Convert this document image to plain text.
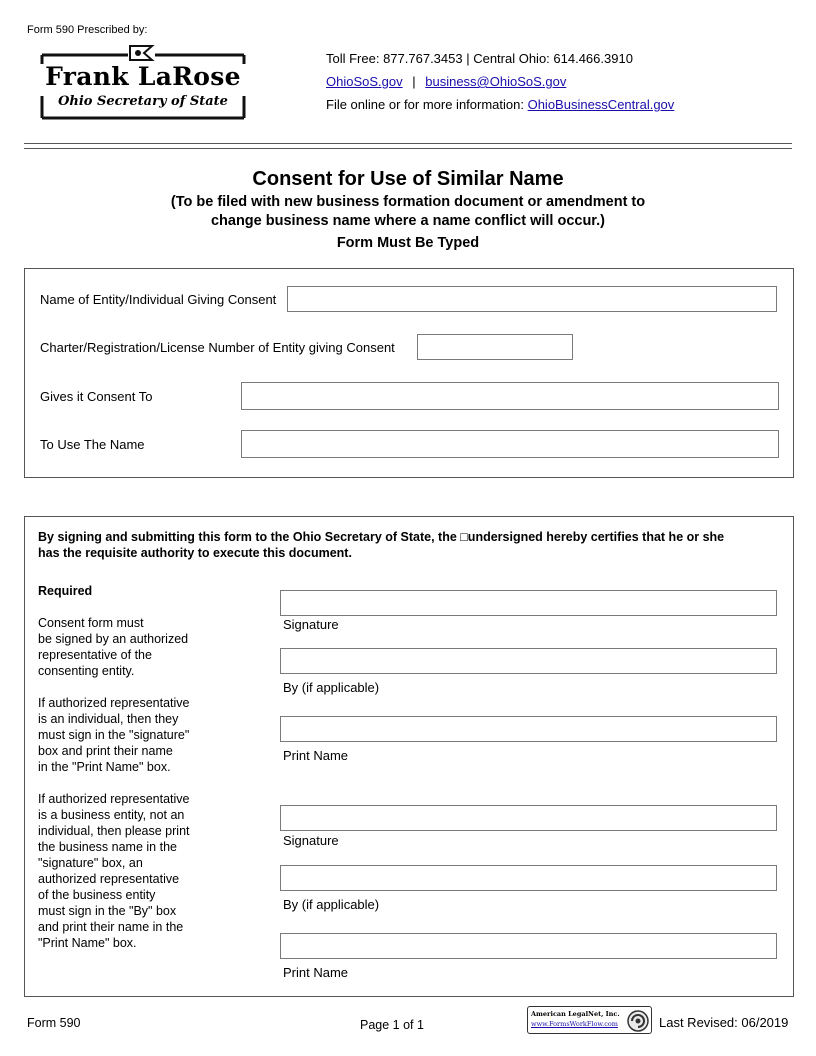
Form 590 Prescribed by:
Frank LaRose
Ohio Secretary of State
Toll Free: 877.767.3453 | Central Ohio: 614.466.3910
OhioSoS.gov | business@OhioSoS.gov
File online or for more information: OhioBusinessCentral.gov
Consent for Use of Similar Name
(To be filed with new business formation document or amendment to
change business name where a name conflict will occur.)
Form Must Be Typed
Name of Entity/Individual Giving Consent
Charter/Registration/License Number of Entity giving Consent
Gives it Consent To
To Use The Name
By signing and submitting this form to the Ohio Secretary of State, the □undersigned hereby certifies that he or she
has the requisite authority to execute this document.
Required
Consent form must
be signed by an authorized
representative of the
consenting entity.
If authorized representative
is an individual, then they
must sign in the "signature"
box and print their name
in the "Print Name" box.
If authorized representative
is a business entity, not an
individual, then please print
the business name in the
"signature" box, an
authorized representative
of the business entity
must sign in the "By" box
and print their name in the
"Print Name" box.
Signature
By (if applicable)
Print Name
Signature
By (if applicable)
Print Name
Form 590	Page 1 of 1
American LegalNet, Inc.
www.FormsWorkFlow.com	Last Revised: 06/2019
